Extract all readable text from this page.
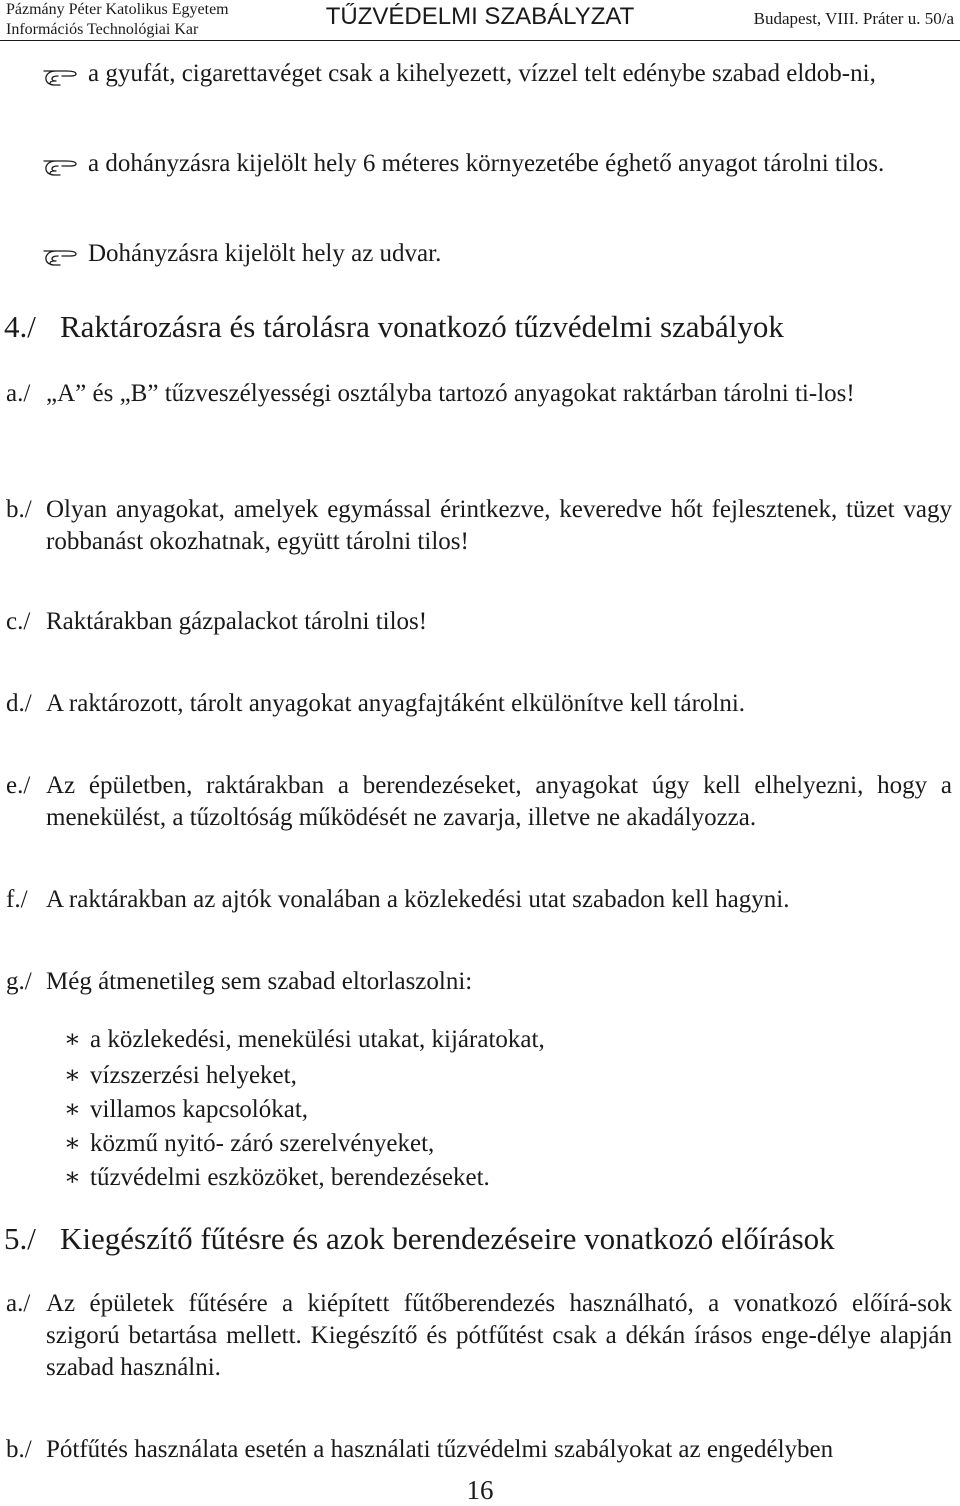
Pázmány Péter Katolikus Egyetem
Információs Technológiai Kar	TŰZVÉDELMI SZABÁLYZAT	Budapest, VIII. Práter u. 50/a
a gyufát, cigarettavéget csak a kihelyezett, vízzel telt edénybe szabad eldob-ni,
a dohányzásra kijelölt hely 6 méteres környezetébe éghető anyagot tárolni tilos.
Dohányzásra kijelölt hely az udvar.
4./ Raktározásra és tárolásra vonatkozó tűzvédelmi szabályok
a./ „A” és „B” tűzveszélyességi osztályba tartozó anyagokat raktárban tárolni ti-los!
b./ Olyan anyagokat, amelyek egymással érintkezve, keveredve hőt fejlesztenek, tüzet vagy robbanást okozhatnak, együtt tárolni tilos!
c./ Raktárakban gázpalackot tárolni tilos!
d./ A raktározott, tárolt anyagokat anyagfajtáként elkülönítve kell tárolni.
e./ Az épületben, raktárakban a berendezéseket, anyagokat úgy kell elhelyezni, hogy a menekülést, a tűzoltóság működését ne zavarja, illetve ne akadályozza.
f./ A raktárakban az ajtók vonalában a közlekedési utat szabadon kell hagyni.
g./ Még átmenetileg sem szabad eltorlaszolni:
∗ a közlekedési, menekülési utakat, kijáratokat,
∗ vízszerzési helyeket,
∗ villamos kapcsolókat,
∗ közmű nyitó- záró szerelvényeket,
∗ tűzvédelmi eszközöket, berendezéseket.
5./ Kiegészítő fűtésre és azok berendezéseire vonatkozó előírások
a./ Az épületek fűtésére a kiépített fűtőberendezés használható, a vonatkozó előírá-sok szigorú betartása mellett. Kiegészítő és pótfűtést csak a dékán írásos enge-délye alapján szabad használni.
b./ Pótfűtés használata esetén a használati tűzvédelmi szabályokat az engedélyben
16
